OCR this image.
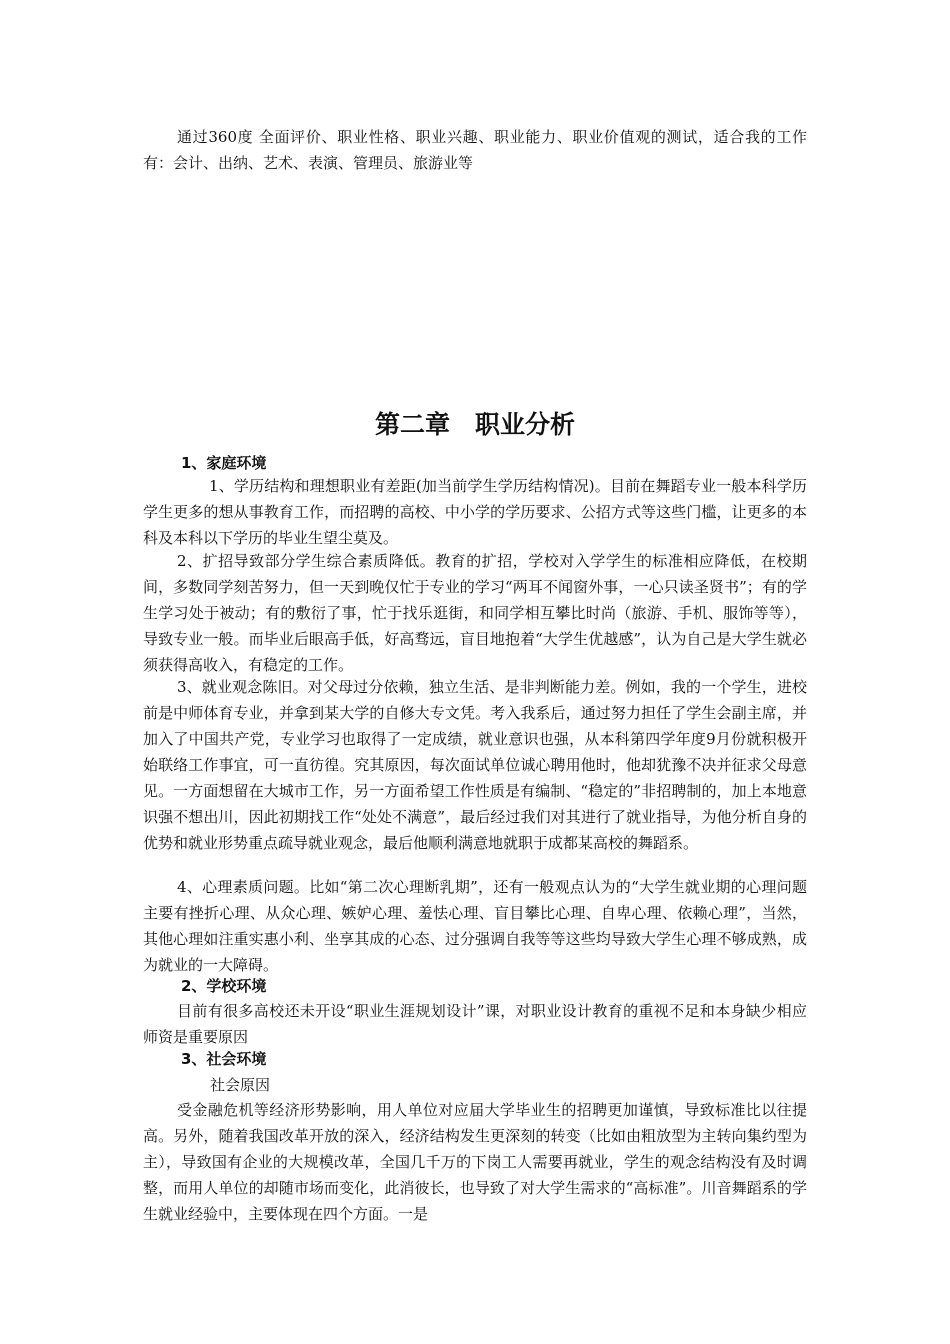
通过360度 全面评价、职业性格、职业兴趣、职业能力、职业价值观的测试，适合我的工作有：会计、出纳、艺术、表演、管理员、旅游业等

第二章　职业分析
1、家庭环境

1、学历结构和理想职业有差距(加当前学生学历结构情况)。目前在舞蹈专业一般本科学历学生更多的想从事教育工作，而招聘的高校、中小学的学历要求、公招方式等这些门槛，让更多的本科及本科以下学历的毕业生望尘莫及。

2、扩招导致部分学生综合素质降低。教育的扩招，学校对入学学生的标准相应降低，在校期间，多数同学刻苦努力，但一天到晚仅忙于专业的学习“两耳不闻窗外事，一心只读圣贤书”；有的学生学习处于被动；有的敷衍了事，忙于找乐逛街，和同学相互攀比时尚（旅游、手机、服饰等等），导致专业一般。而毕业后眼高手低，好高骛远，盲目地抱着“大学生优越感”，认为自己是大学生就必须获得高收入，有稳定的工作。

3、就业观念陈旧。对父母过分依赖，独立生活、是非判断能力差。例如，我的一个学生，进校前是中师体育专业，并拿到某大学的自修大专文凭。考入我系后，通过努力担任了学生会副主席，并加入了中国共产党，专业学习也取得了一定成绩，就业意识也强，从本科第四学年度9月份就积极开始联络工作事宜，可一直彷徨。究其原因，每次面试单位诚心聘用他时，他却犹豫不决并征求父母意见。一方面想留在大城市工作，另一方面希望工作性质是有编制、“稳定的”非招聘制的，加上本地意识强不想出川，因此初期找工作“处处不满意”，最后经过我们对其进行了就业指导，为他分析自身的优势和就业形势重点疏导就业观念，最后他顺利满意地就职于成都某高校的舞蹈系。

4、心理素质问题。比如“第二次心理断乳期”，还有一般观点认为的“大学生就业期的心理问题主要有挫折心理、从众心理、嫉妒心理、羞怯心理、盲目攀比心理、自卑心理、依赖心理”，当然，其他心理如注重实惠小利、坐享其成的心态、过分强调自我等等这些均导致大学生心理不够成熟，成为就业的一大障碍。

2、学校环境

目前有很多高校还未开设“职业生涯规划设计”课，对职业设计教育的重视不足和本身缺少相应师资是重要原因

3、社会环境

社会原因

受金融危机等经济形势影响，用人单位对应届大学毕业生的招聘更加谨慎，导致标准比以往提高。另外，随着我国改革开放的深入，经济结构发生更深刻的转变（比如由粗放型为主转向集约型为主），导致国有企业的大规模改革，全国几千万的下岗工人需要再就业，学生的观念结构没有及时调整，而用人单位的却随市场而变化，此消彼长，也导致了对大学生需求的“高标准”。川音舞蹈系的学生就业经验中，主要体现在四个方面。一是
